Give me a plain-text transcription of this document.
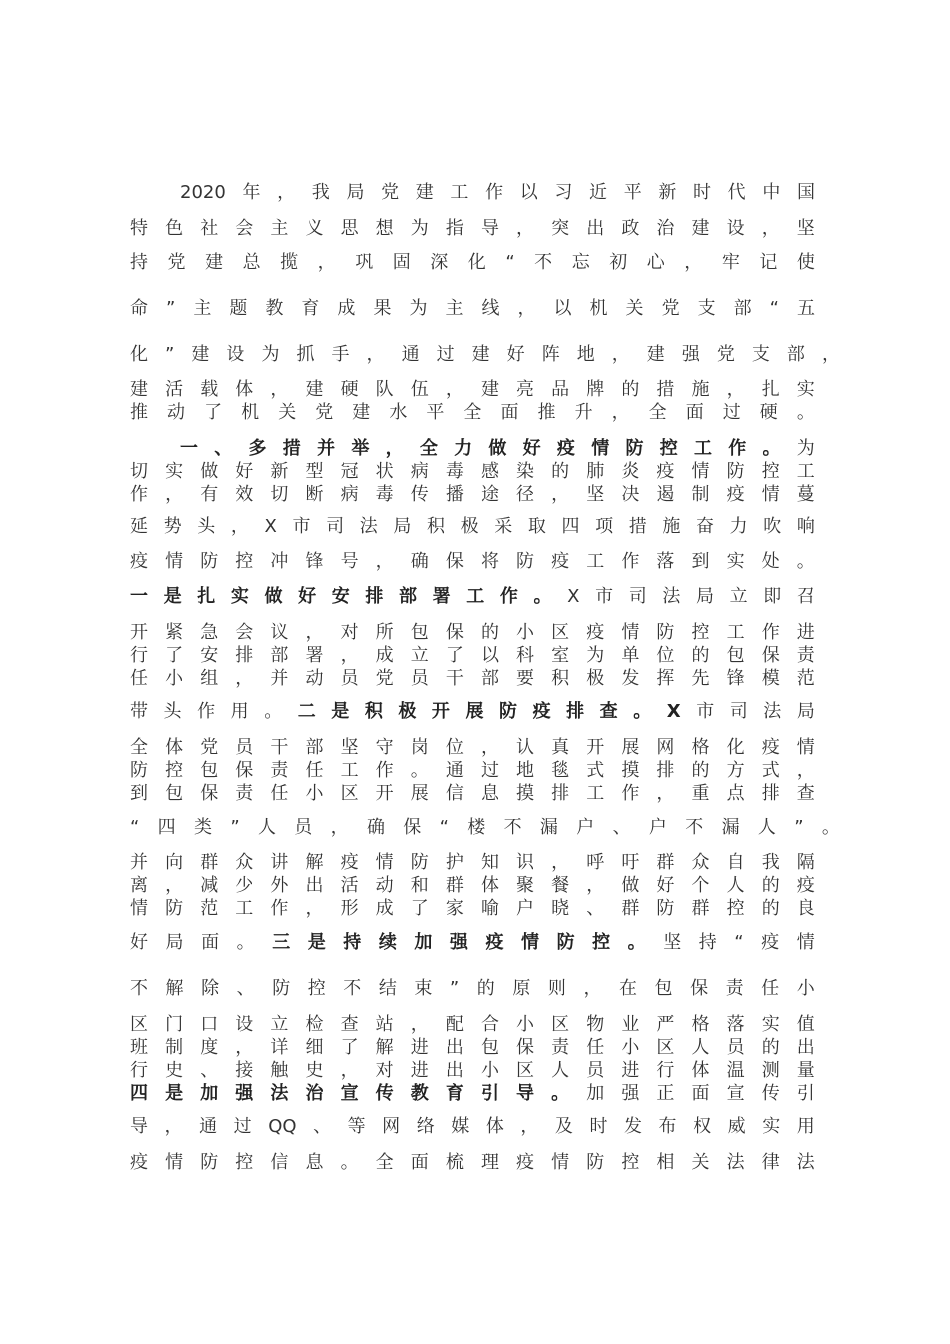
2020 年 ， 我 局 党 建 工 作 以 习 近 平 新 时 代 中 国
特 色 社 会 主 义 思 想 为 指 导 ， 突 出 政 治 建 设 ， 坚
持 党 建 总 揽 ， 巩 固 深 化 “ 不 忘 初 心 ， 牢 记 使
命 ” 主 题 教 育 成 果 为 主 线 ， 以 机 关 党 支 部 “ 五
化 ” 建 设 为 抓 手 ， 通 过 建 好 阵 地 ， 建 强 党 支 部 ，
建 活 载 体 ， 建 硬 队 伍 ， 建 亮 品 牌 的 措 施 ， 扎 实
推 动 了 机 关 党 建 水 平 全 面 推 升 ， 全 面 过 硬 。
一 、 多 措 并 举 ， 全 力 做 好 疫 情 防 控 工 作 。 为
切 实 做 好 新 型 冠 状 病 毒 感 染 的 肺 炎 疫 情 防 控 工
作 ， 有 效 切 断 病 毒 传 播 途 径 ， 坚 决 遏 制 疫 情 蔓
延 势 头 ， X 市 司 法 局 积 极 采 取 四 项 措 施 奋 力 吹 响
疫 情 防 控 冲 锋 号 ， 确 保 将 防 疫 工 作 落 到 实 处 。
一 是 扎 实 做 好 安 排 部 署 工 作 。 X 市 司 法 局 立 即 召
开 紧 急 会 议 ， 对 所 包 保 的 小 区 疫 情 防 控 工 作 进
行 了 安 排 部 署 ， 成 立 了 以 科 室 为 单 位 的 包 保 责
任 小 组 ， 并 动 员 党 员 干 部 要 积 极 发 挥 先 锋 模 范
带 头 作 用 。 二 是 积 极 开 展 防 疫 排 查 。 X 市 司 法 局
全 体 党 员 干 部 坚 守 岗 位 ， 认 真 开 展 网 格 化 疫 情
防 控 包 保 责 任 工 作 。 通 过 地 毯 式 摸 排 的 方 式 ，
到 包 保 责 任 小 区 开 展 信 息 摸 排 工 作 ， 重 点 排 查
“ 四 类 ” 人 员 ， 确 保 “ 楼 不 漏 户 、 户 不 漏 人 ” 。
并 向 群 众 讲 解 疫 情 防 护 知 识 ， 呼 吁 群 众 自 我 隔
离 ， 减 少 外 出 活 动 和 群 体 聚 餐 ， 做 好 个 人 的 疫
情 防 范 工 作 ， 形 成 了 家 喻 户 晓 、 群 防 群 控 的 良
好 局 面 。 三 是 持 续 加 强 疫 情 防 控 。 坚 持 “ 疫 情
不 解 除 、 防 控 不 结 束 ” 的 原 则 ， 在 包 保 责 任 小
区 门 口 设 立 检 查 站 ， 配 合 小 区 物 业 严 格 落 实 值
班 制 度 ， 详 细 了 解 进 出 包 保 责 任 小 区 人 员 的 出
行 史 、 接 触 史 ， 对 进 出 小 区 人 员 进 行 体 温 测 量
四 是 加 强 法 治 宣 传 教 育 引 导 。 加 强 正 面 宣 传 引
导 ， 通 过 QQ 、 等 网 络 媒 体 ， 及 时 发 布 权 威 实 用
疫 情 防 控 信 息 。 全 面 梳 理 疫 情 防 控 相 关 法 律 法
